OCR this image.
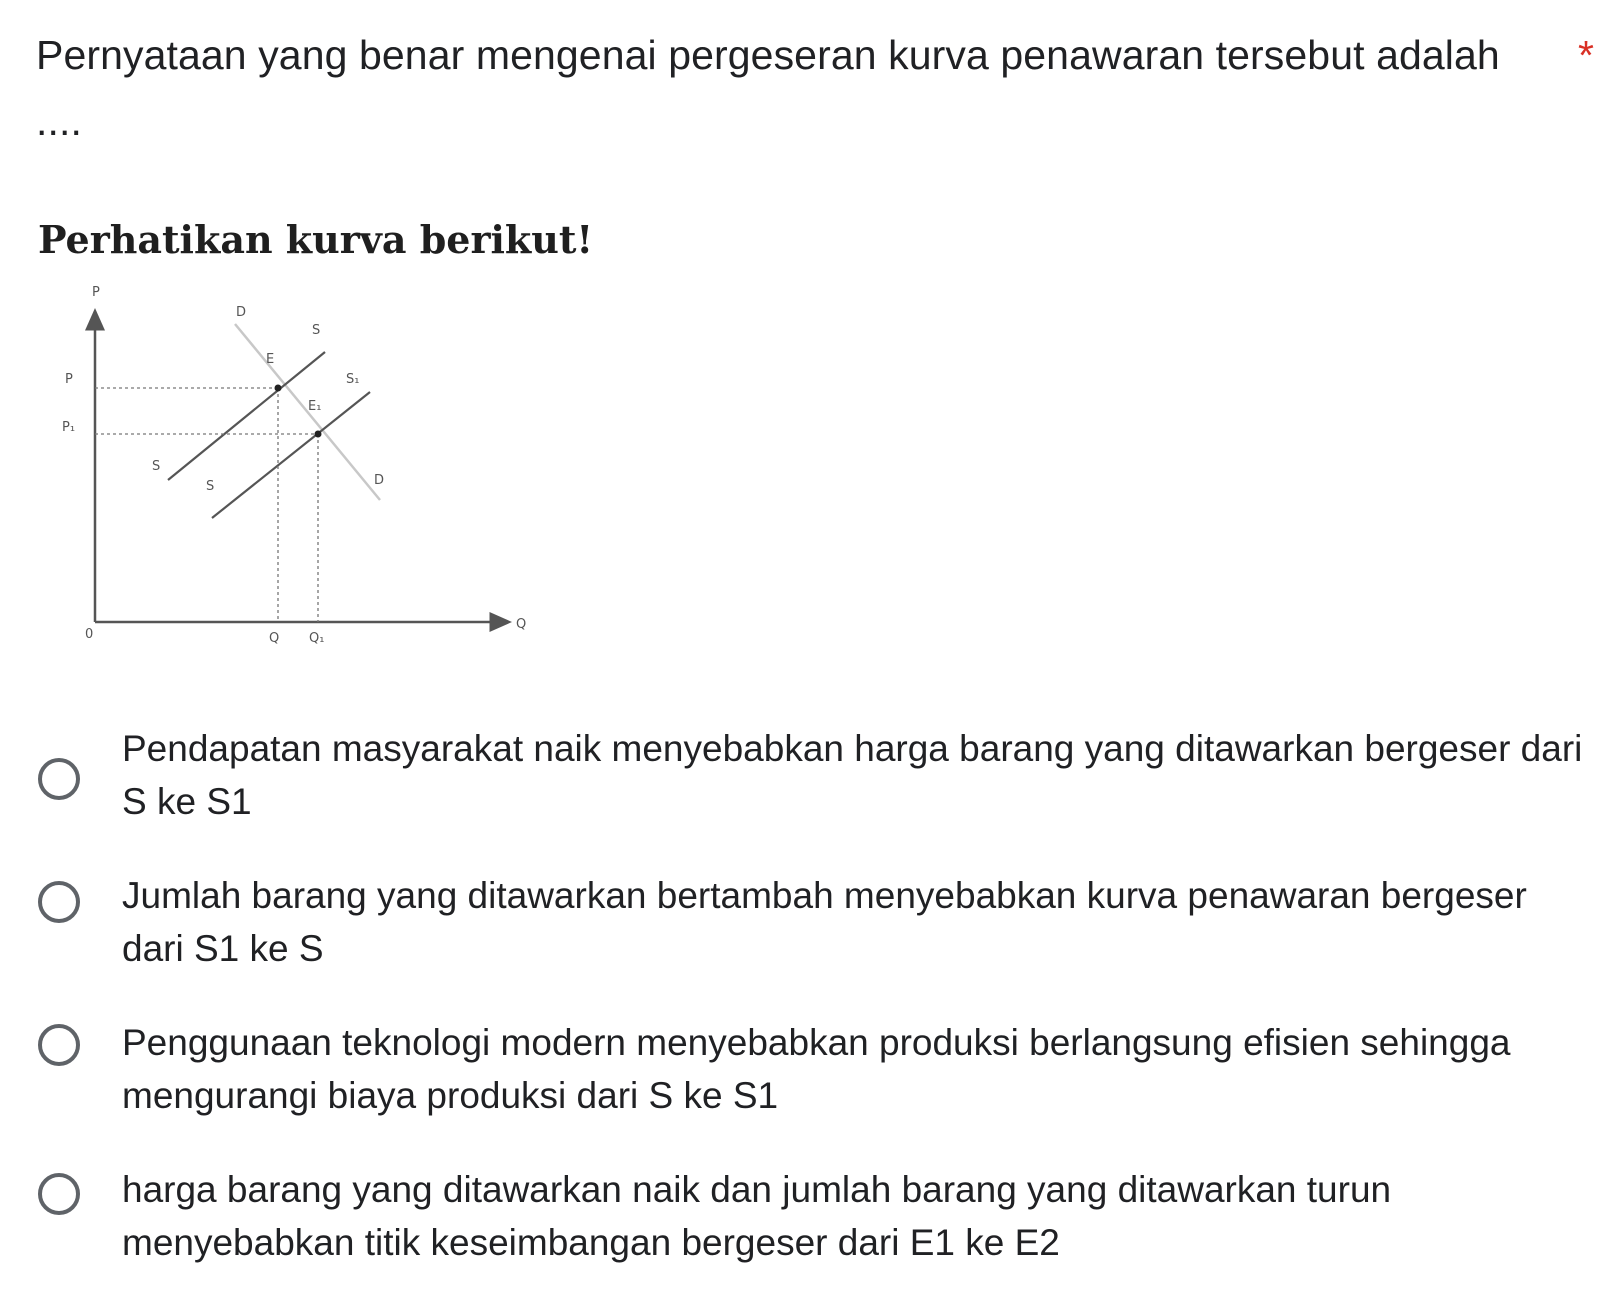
Pernyataan yang benar mengenai pergeseran kurva penawaran tersebut adalah ....
*
Perhatikan kurva berikut!
P
Q
0
P
P₁
Q Q₁
D
D
S
S₁
S
S
E
E₁
Pendapatan masyarakat naik menyebabkan harga barang yang ditawarkan bergeser dari S ke S1
Jumlah barang yang ditawarkan bertambah menyebabkan kurva penawaran bergeser dari S1 ke S
Penggunaan teknologi modern menyebabkan produksi berlangsung efisien sehingga mengurangi biaya produksi dari S ke S1
harga barang yang ditawarkan naik dan jumlah barang yang ditawarkan turun menyebabkan titik keseimbangan bergeser dari E1 ke E2
